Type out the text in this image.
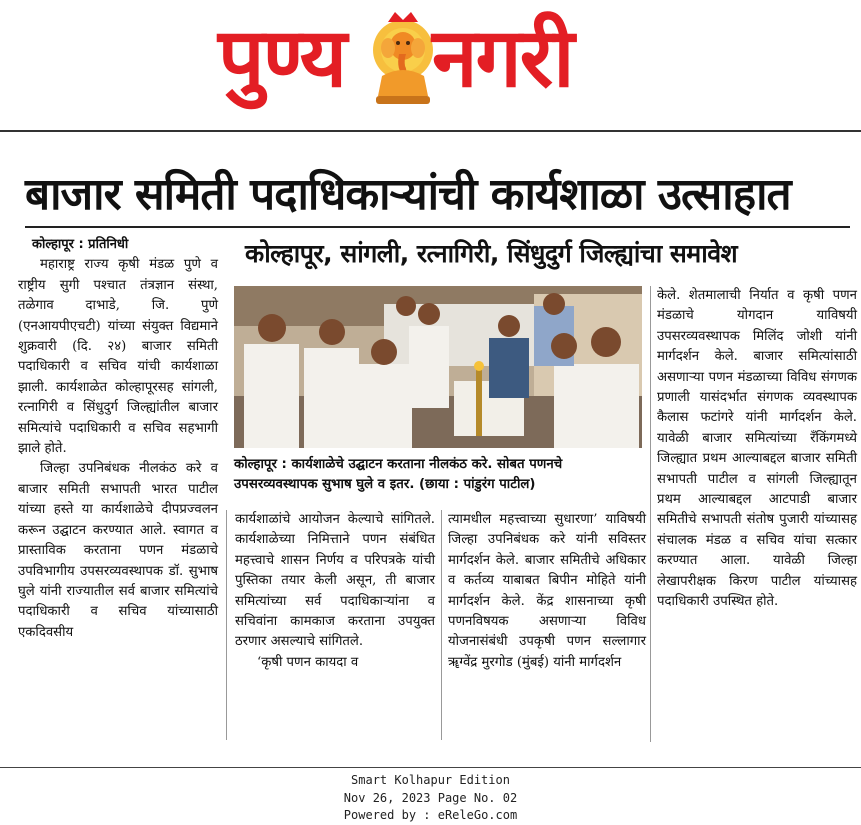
पुण्य नगरी
बाजार समिती पदाधिकाऱ्यांची कार्यशाळा उत्साहात
कोल्हापूर, सांगली, रत्नागिरी, सिंधुदुर्ग जिल्ह्यांचा समावेश
कोल्हापूर : प्रतिनिधी

महाराष्ट्र राज्य कृषी मंडळ पुणे व राष्ट्रीय सुगी पश्चात तंत्रज्ञान संस्था, तळेगाव दाभाडे, जि. पुणे (एनआयपीएचटी) यांच्या संयुक्त विद्यमाने शुक्रवारी (दि. २४) बाजार समिती पदाधिकारी व सचिव यांची कार्यशाळा झाली. कार्यशाळेत कोल्हापूरसह सांगली, रत्नागिरी व सिंधुदुर्ग जिल्ह्यांतील बाजार समित्यांचे पदाधिकारी व सचिव सहभागी झाले होते.

जिल्हा उपनिबंधक नीलकंठ करे व बाजार समिती सभापती भारत पाटील यांच्या हस्ते या कार्यशाळेचे दीपप्रज्वलन करून उद्घाटन करण्यात आले. स्वागत व प्रास्ताविक करताना पणन मंडळाचे उपविभागीय उपसरव्यवस्थापक डॉ. सुभाष घुले यांनी राज्यातील सर्व बाजार समित्यांचे पदाधिकारी व सचिव यांच्यासाठी एकदिवसीय

कोल्हापूर : कार्यशाळेचे उद्घाटन करताना नीलकंठ करे. सोबत पणनचे
उपसरव्यवस्थापक सुभाष घुले व इतर. (छाया : पांडुरंग पाटील)

कार्यशाळांचे आयोजन केल्याचे सांगितले. कार्यशाळेच्या निमित्ताने पणन संबंधित महत्त्वाचे शासन निर्णय व परिपत्रके यांची पुस्तिका तयार केली असून, ती बाजार समित्यांच्या सर्व पदाधिकाऱ्यांना व सचिवांना कामकाज करताना उपयुक्त ठरणार असल्याचे सांगितले.

‘कृषी पणन कायदा व

त्यामधील महत्त्वाच्या सुधारणा’ याविषयी जिल्हा उपनिबंधक करे यांनी सविस्तर मार्गदर्शन केले. बाजार समितीचे अधिकार व कर्तव्य याबाबत बिपीन मोहिते यांनी मार्गदर्शन केले. केंद्र शासनाच्या कृषी पणनविषयक असणाऱ्या विविध योजनासंबंधी उपकृषी पणन सल्लागार ॠग्वेंद्र मुरगोड (मुंबई) यांनी मार्गदर्शन

केले. शेतमालाची निर्यात व कृषी पणन मंडळाचे योगदान याविषयी उपसरव्यवस्थापक मिलिंद जोशी यांनी मार्गदर्शन केले. बाजार समित्यांसाठी असणाऱ्या पणन मंडळाच्या विविध संगणक प्रणाली यासंदर्भात संगणक व्यवस्थापक कैलास फटांगरे यांनी मार्गदर्शन केले. यावेळी बाजार समित्यांच्या रँकिंगमध्ये जिल्ह्यात प्रथम आल्याबद्दल बाजार समिती सभापती पाटील व सांगली जिल्ह्यातून प्रथम आल्याबद्दल आटपाडी बाजार समितीचे सभापती संतोष पुजारी यांच्यासह संचालक मंडळ व सचिव यांचा सत्कार करण्यात आला. यावेळी जिल्हा लेखापरीक्षक किरण पाटील यांच्यासह पदाधिकारी उपस्थित होते.

Smart Kolhapur Edition
Nov 26, 2023 Page No. 02
Powered by : eReleGo.com
